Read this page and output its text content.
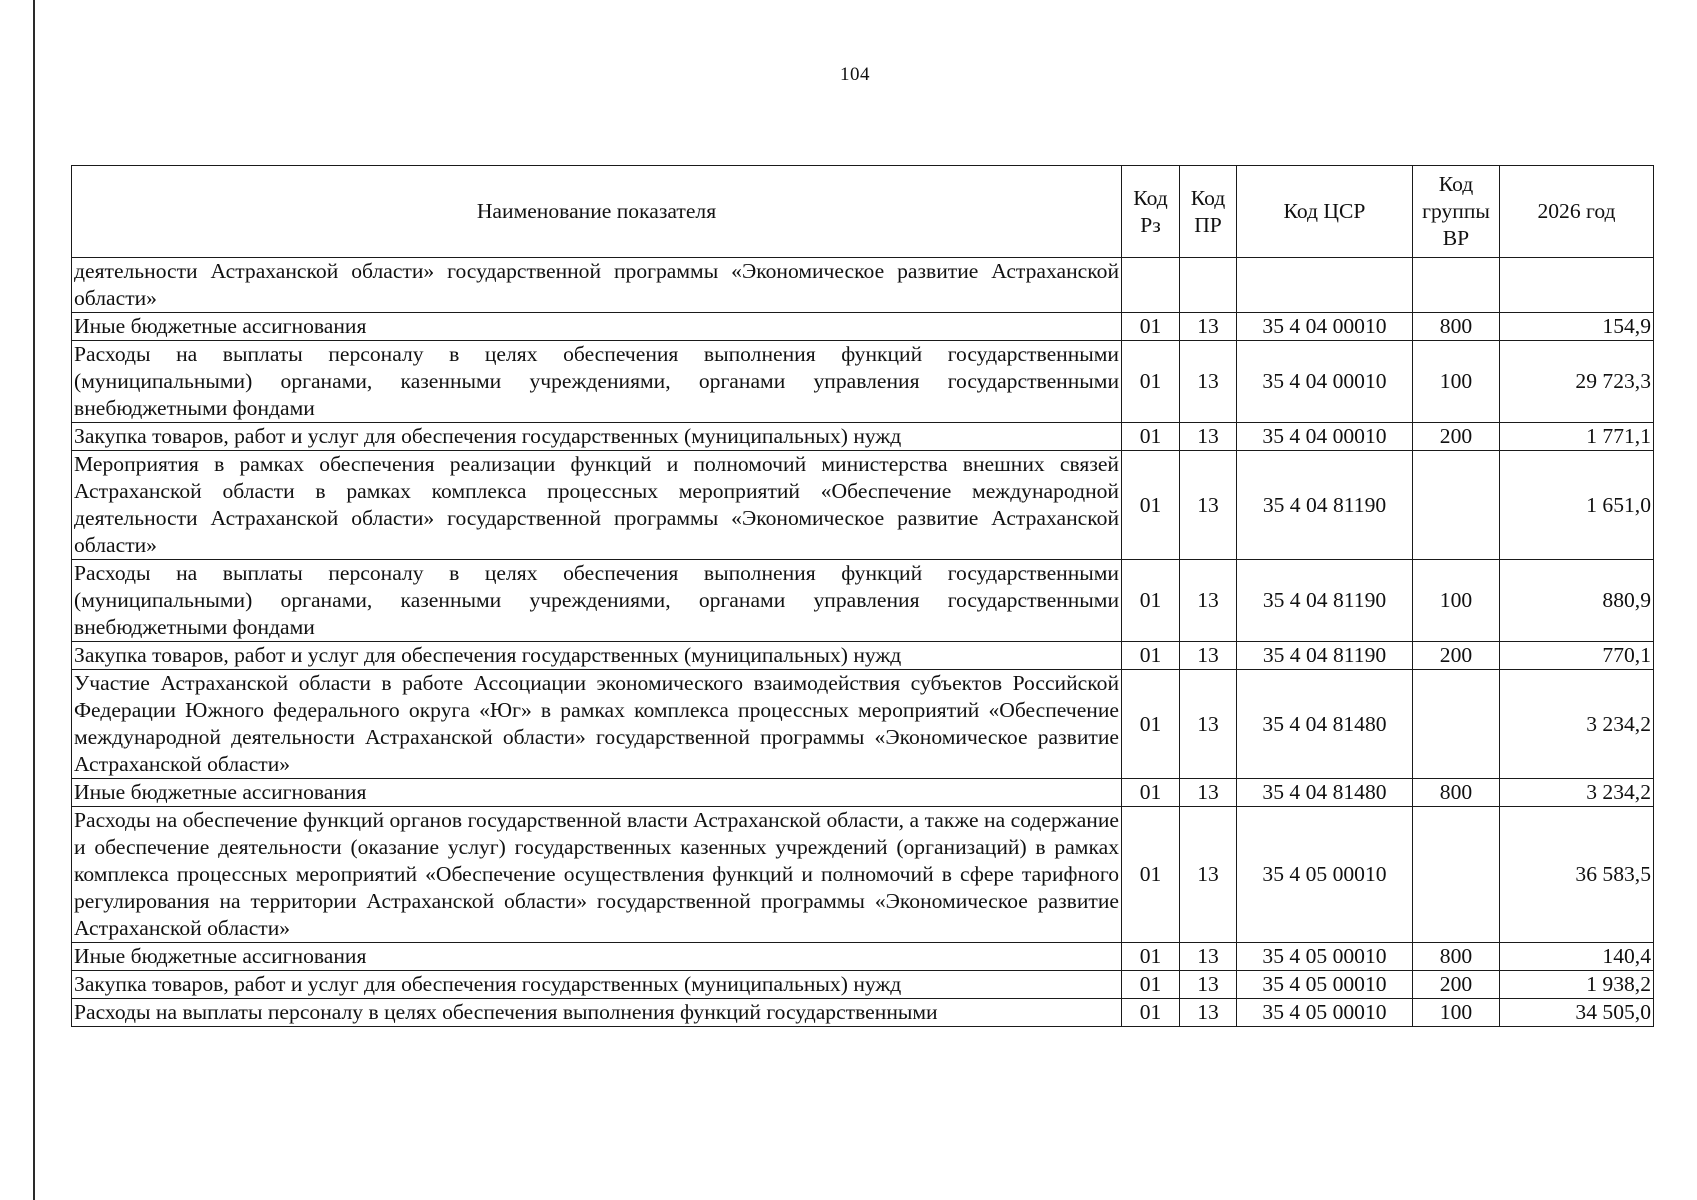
104
Наименование показателя	Код Рз	Код ПР	Код ЦСР	Код группы ВР	2026 год
деятельности Астраханской области» государственной программы «Экономическое развитие Астраханской области»					
Иные бюджетные ассигнования	01	13	35 4 04 00010	800	154,9
Расходы на выплаты персоналу в целях обеспечения выполнения функций государственными (муниципальными) органами, казенными учреждениями, органами управления государственными внебюджетными фондами	01	13	35 4 04 00010	100	29 723,3
Закупка товаров, работ и услуг для обеспечения государственных (муниципальных) нужд	01	13	35 4 04 00010	200	1 771,1
Мероприятия в рамках обеспечения реализации функций и полномочий министерства внешних связей Астраханской области в рамках комплекса процессных мероприятий «Обеспечение международной деятельности Астраханской области» государственной программы «Экономическое развитие Астраханской области»	01	13	35 4 04 81190		1 651,0
Расходы на выплаты персоналу в целях обеспечения выполнения функций государственными (муниципальными) органами, казенными учреждениями, органами управления государственными внебюджетными фондами	01	13	35 4 04 81190	100	880,9
Закупка товаров, работ и услуг для обеспечения государственных (муниципальных) нужд	01	13	35 4 04 81190	200	770,1
Участие Астраханской области в работе Ассоциации экономического взаимодействия субъектов Российской Федерации Южного федерального округа «Юг» в рамках комплекса процессных мероприятий «Обеспечение международной деятельности Астраханской области» государственной программы «Экономическое развитие Астраханской области»	01	13	35 4 04 81480		3 234,2
Иные бюджетные ассигнования	01	13	35 4 04 81480	800	3 234,2
Расходы на обеспечение функций органов государственной власти Астраханской области, а также на содержание и обеспечение деятельности (оказание услуг) государственных казенных учреждений (организаций) в рамках комплекса процессных мероприятий «Обеспечение осуществления функций и полномочий в сфере тарифного регулирования на территории Астраханской области» государственной программы «Экономическое развитие Астраханской области»	01	13	35 4 05 00010		36 583,5
Иные бюджетные ассигнования	01	13	35 4 05 00010	800	140,4
Закупка товаров, работ и услуг для обеспечения государственных (муниципальных) нужд	01	13	35 4 05 00010	200	1 938,2
Расходы на выплаты персоналу в целях обеспечения выполнения функций государственными	01	13	35 4 05 00010	100	34 505,0
